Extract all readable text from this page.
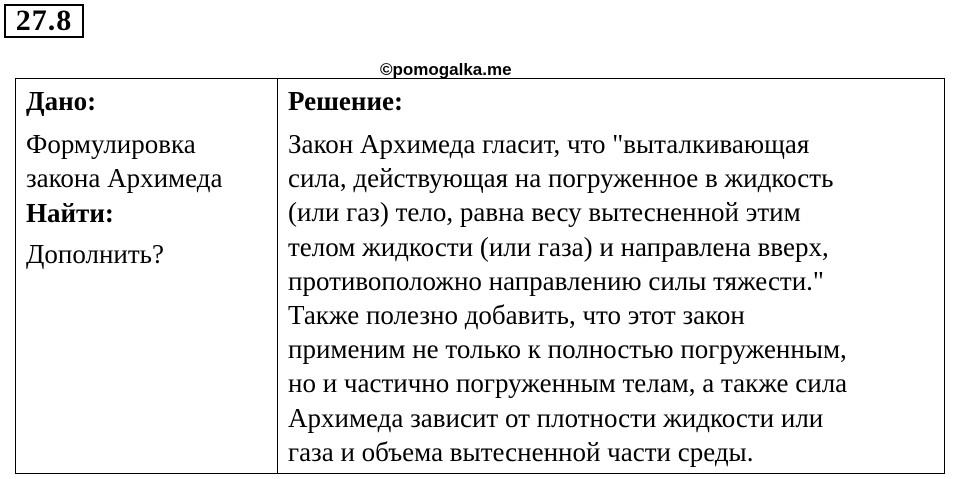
27.8
©pomogalka.me
Дано:
Формулировка
закона Архимеда
Найти:
Дополнить?
Решение:
Закон Архимеда гласит, что "выталкивающая
сила, действующая на погруженное в жидкость
(или газ) тело, равна весу вытесненной этим
телом жидкости (или газа) и направлена вверх,
противоположно направлению силы тяжести."
Также полезно добавить, что этот закон
применим не только к полностью погруженным,
но и частично погруженным телам, а также сила
Архимеда зависит от плотности жидкости или
газа и объема вытесненной части среды.
